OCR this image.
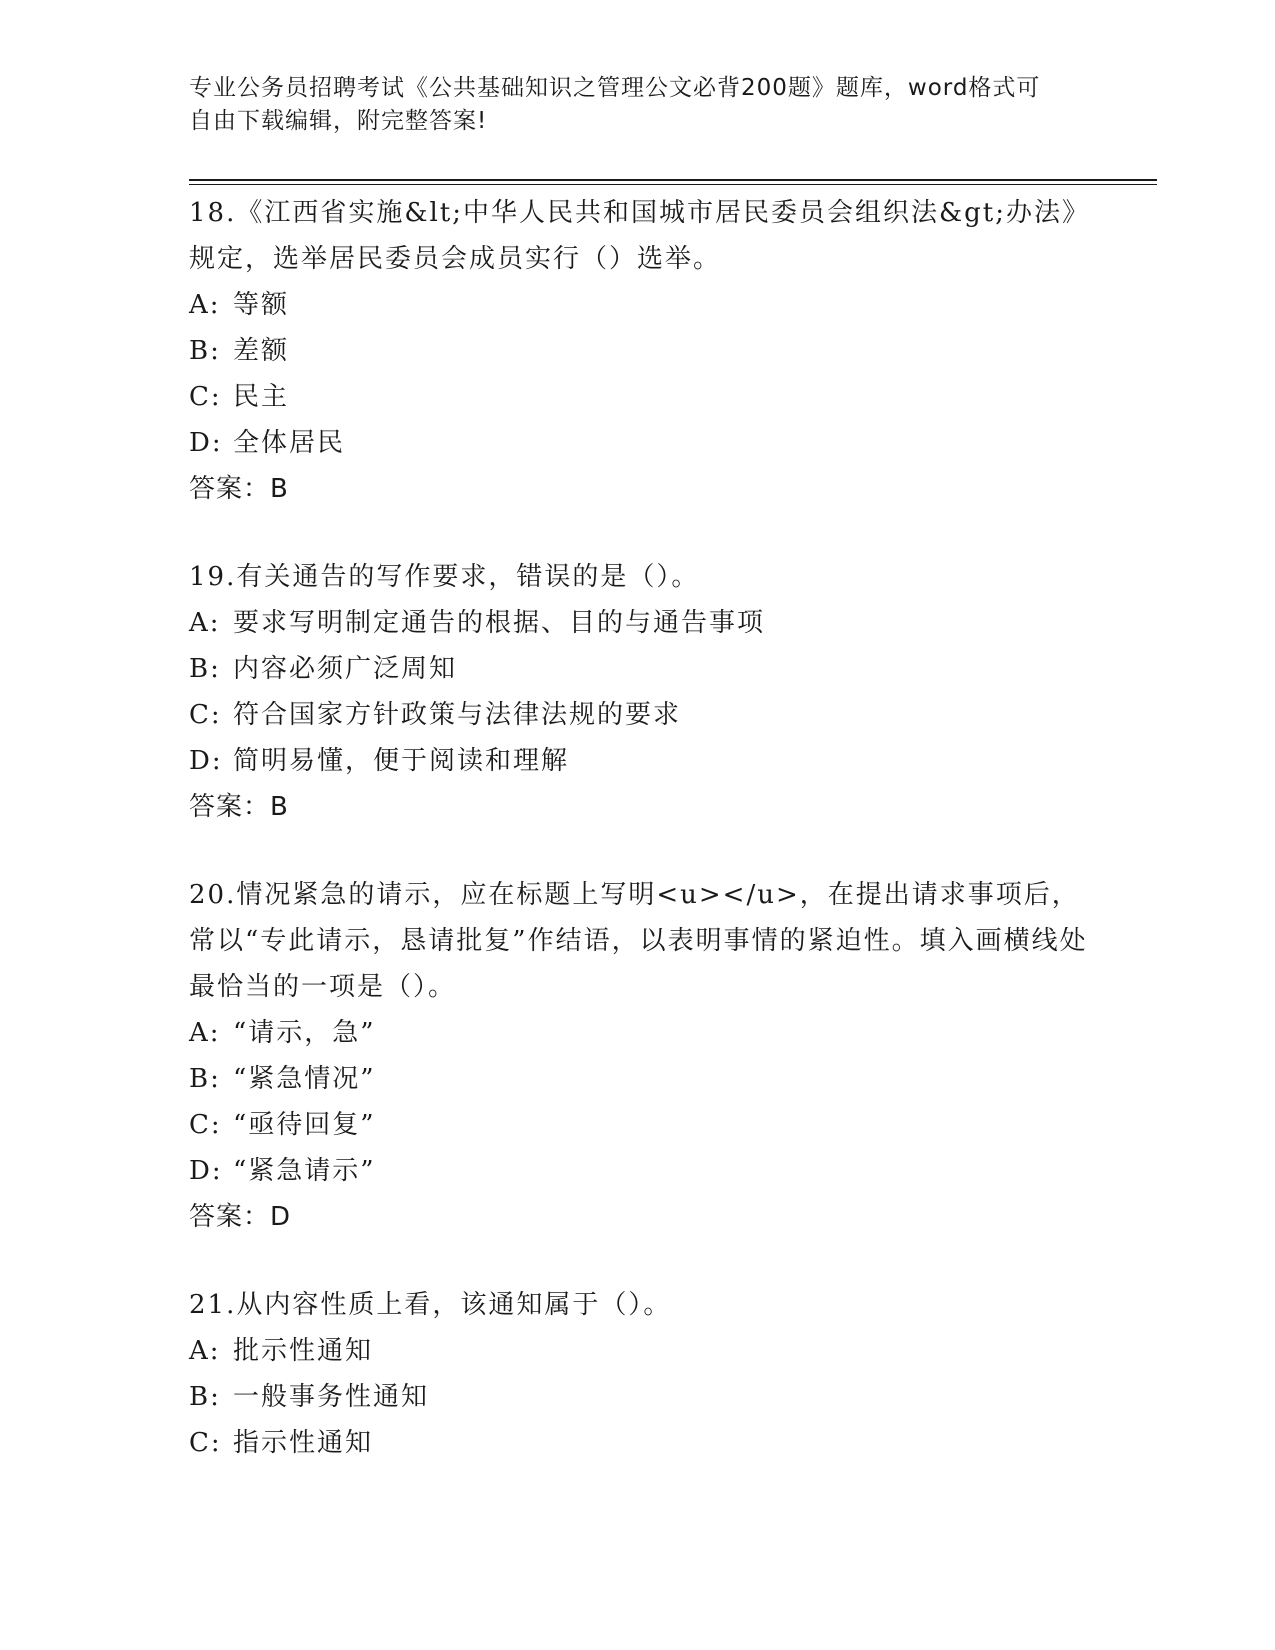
专业公务员招聘考试《公共基础知识之管理公文必背200题》题库，word格式可

自由下载编辑，附完整答案!

18.《江西省实施&lt;中华人民共和国城市居民委员会组织法&gt;办法》规定，选举居民委员会成员实行（）选举。

A: 等额

B: 差额

C: 民主

D: 全体居民

答案：B

19.有关通告的写作要求，错误的是（）。

A: 要求写明制定通告的根据、目的与通告事项

B: 内容必须广泛周知

C: 符合国家方针政策与法律法规的要求

D: 简明易懂，便于阅读和理解

答案：B

20.情况紧急的请示，应在标题上写明<u></u>，在提出请求事项后，常以“专此请示，恳请批复”作结语，以表明事情的紧迫性。填入画横线处最恰当的一项是（）。

A: “请示，急”

B: “紧急情况”

C: “亟待回复”

D: “紧急请示”

答案：D

21.从内容性质上看，该通知属于（）。

A: 批示性通知

B: 一般事务性通知

C: 指示性通知
